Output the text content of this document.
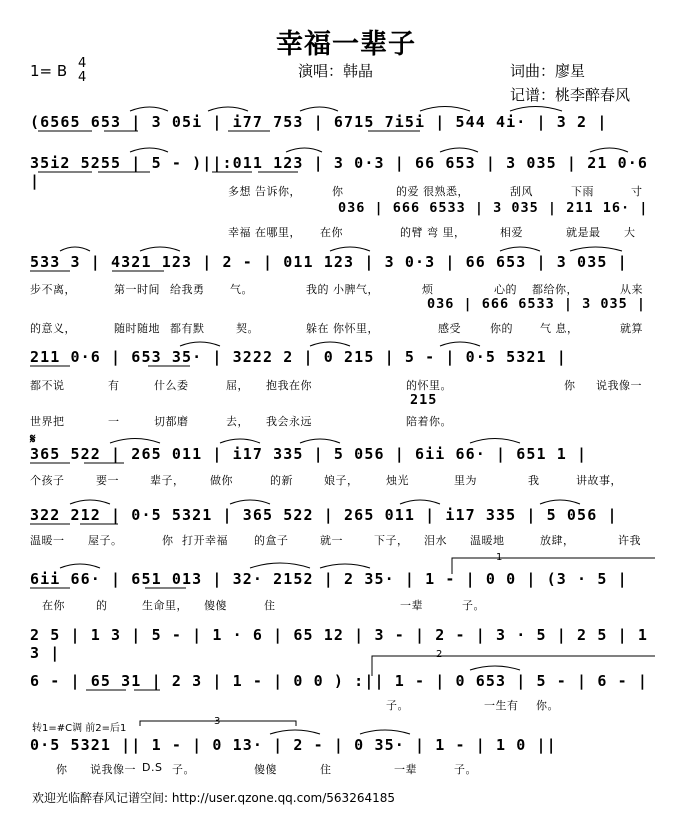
幸福一辈子
1= B 4
4	演唱：韩晶	词曲：廖星
记谱：桃李醉春风
(6565 653 | 3 05i | i77 753 | 6715 7i5i | 544 4i· | 3 2 |
35i2 5255 | 5 - )||:011 123 | 3 0·3 | 66 653 | 3 035 | 21 0·6 |
多想 告诉你，	你	的爱 很熟悉，	刮风	下雨	寸
036 | 666 6533 | 3 035 | 211 16· |
幸福 在哪里， 在你	的臂 弯 里，	相爱	就是最 大
533 3 | 4321 123 | 2 - | 011 123 | 3 0·3 | 66 653 | 3 035 |
步不离，	第一时间 给我勇 气。	我的 小脾气，	烦	心的 都给你，	从来
036 | 666 6533 | 3 035 |
的意义，	随时随地 都有默	契。	躲在 你怀里，	感受	你的 气 息，	就算
211 0·6 | 653 35· | 3222 2 | 0 215 | 5 - | 0·5 5321 |
都不说	有	什么委	屈， 抱我在你	的怀里。	你 说我像一
215
世界把	一	切都磨	去， 我会永远	陪着你。
𝄋
365 522 | 265 011 | i17 335 | 5 056 | 6ii 66· | 651 1 |
个孩子	要一	辈子， 做你	的新	娘子，	烛光	里为	我	讲故事，
322 212 | 0·5 5321 | 365 522 | 265 011 | i17 335 | 5 056 |
温暖一 屋子。	你 打开幸福 的盒子	就一	下子， 泪水 温暖地	放肆，	许我
1
6ii 66· | 651 013 | 32· 2152 | 2 35· | 1 - | 0 0 | (3 · 5 |
在你	的	生命里， 傻傻	住	一辈	子。
2 5 | 1 3 | 5 - | 1 · 6 | 65 12 | 3 - | 2 - | 3 · 5 | 2 5 | 1 3 |	2
6 - | 65 31 | 2 3 | 1 - | 0 0 ) :|| 1 - | 0 653 | 5 - | 6 - |
子。	一生有 你。
转1=#C调 前2=后1
3
0·5 5321 || 1 - | 0 13· | 2 - | 0 35· | 1 - | 1 0 ||
你 说我像一 D.S 子。	傻傻	住	一辈	子。
欢迎光临醉春风记谱空间: http://user.qzone.qq.com/563264185
